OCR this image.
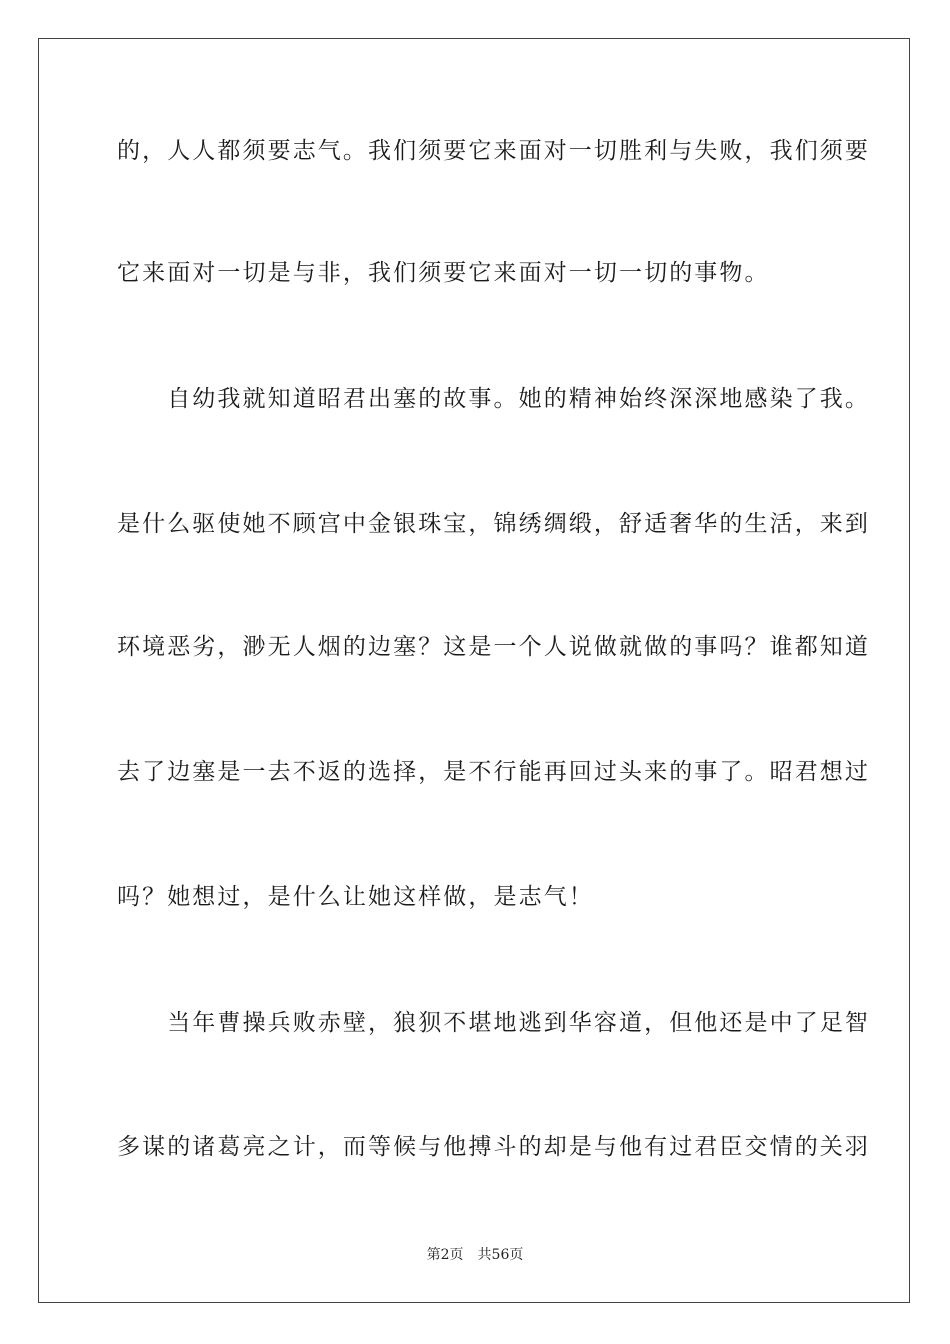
的，人人都须要志气。我们须要它来面对一切胜利与失败，我们须要
它来面对一切是与非，我们须要它来面对一切一切的事物。
　　自幼我就知道昭君出塞的故事。她的精神始终深深地感染了我。
是什么驱使她不顾宫中金银珠宝，锦绣绸缎，舒适奢华的生活，来到
环境恶劣，渺无人烟的边塞？这是一个人说做就做的事吗？谁都知道
去了边塞是一去不返的选择，是不行能再回过头来的事了。昭君想过
吗？她想过，是什么让她这样做，是志气！
　　当年曹操兵败赤壁，狼狈不堪地逃到华容道，但他还是中了足智
多谋的诸葛亮之计，而等候与他搏斗的却是与他有过君臣交情的关羽
第2页 共56页
